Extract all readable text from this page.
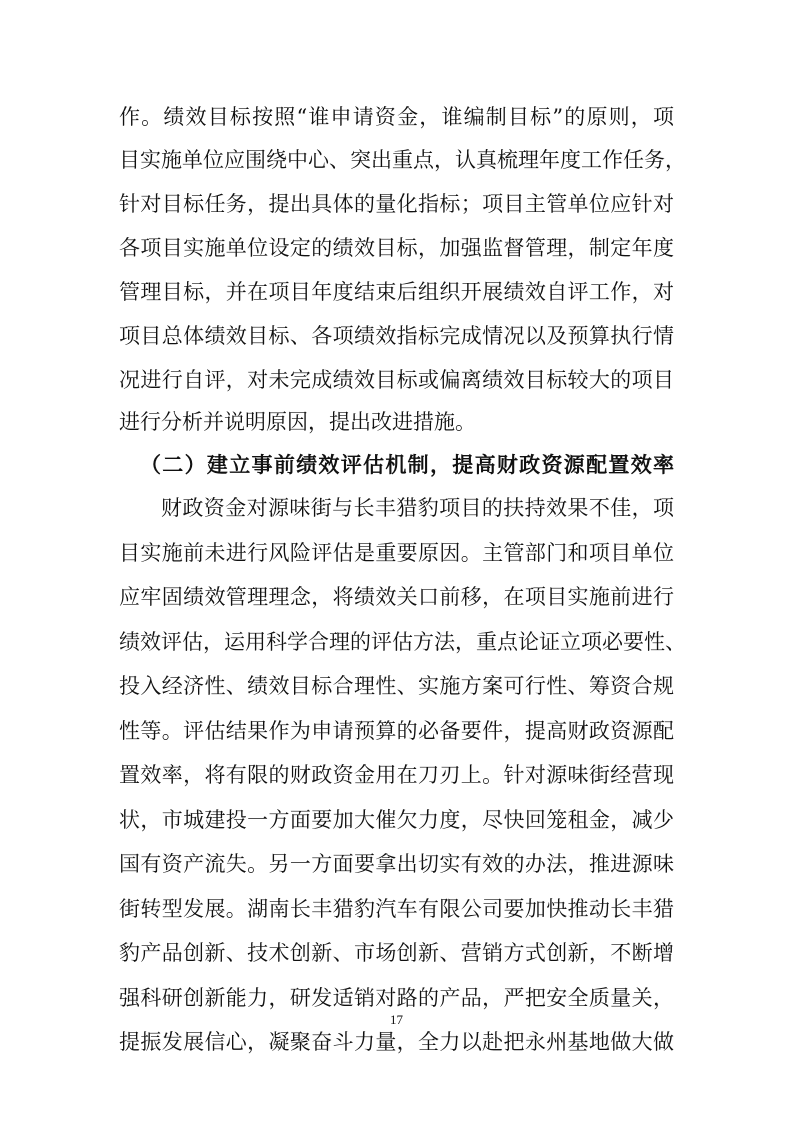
作。绩效目标按照“谁申请资金，谁编制目标”的原则，项
目实施单位应围绕中心、突出重点，认真梳理年度工作任务，
针对目标任务，提出具体的量化指标；项目主管单位应针对
各项目实施单位设定的绩效目标，加强监督管理，制定年度
管理目标，并在项目年度结束后组织开展绩效自评工作，对
项目总体绩效目标、各项绩效指标完成情况以及预算执行情
况进行自评，对未完成绩效目标或偏离绩效目标较大的项目
进行分析并说明原因，提出改进措施。
（二）建立事前绩效评估机制，提高财政资源配置效率
财政资金对源味街与长丰猎豹项目的扶持效果不佳，项
目实施前未进行风险评估是重要原因。主管部门和项目单位
应牢固绩效管理理念，将绩效关口前移，在项目实施前进行
绩效评估，运用科学合理的评估方法，重点论证立项必要性、
投入经济性、绩效目标合理性、实施方案可行性、筹资合规
性等。评估结果作为申请预算的必备要件，提高财政资源配
置效率，将有限的财政资金用在刀刃上。针对源味街经营现
状，市城建投一方面要加大催欠力度，尽快回笼租金，减少
国有资产流失。另一方面要拿出切实有效的办法，推进源味
街转型发展。湖南长丰猎豹汽车有限公司要加快推动长丰猎
豹产品创新、技术创新、市场创新、营销方式创新，不断增
强科研创新能力，研发适销对路的产品，严把安全质量关，
提振发展信心，凝聚奋斗力量，全力以赴把永州基地做大做
17
